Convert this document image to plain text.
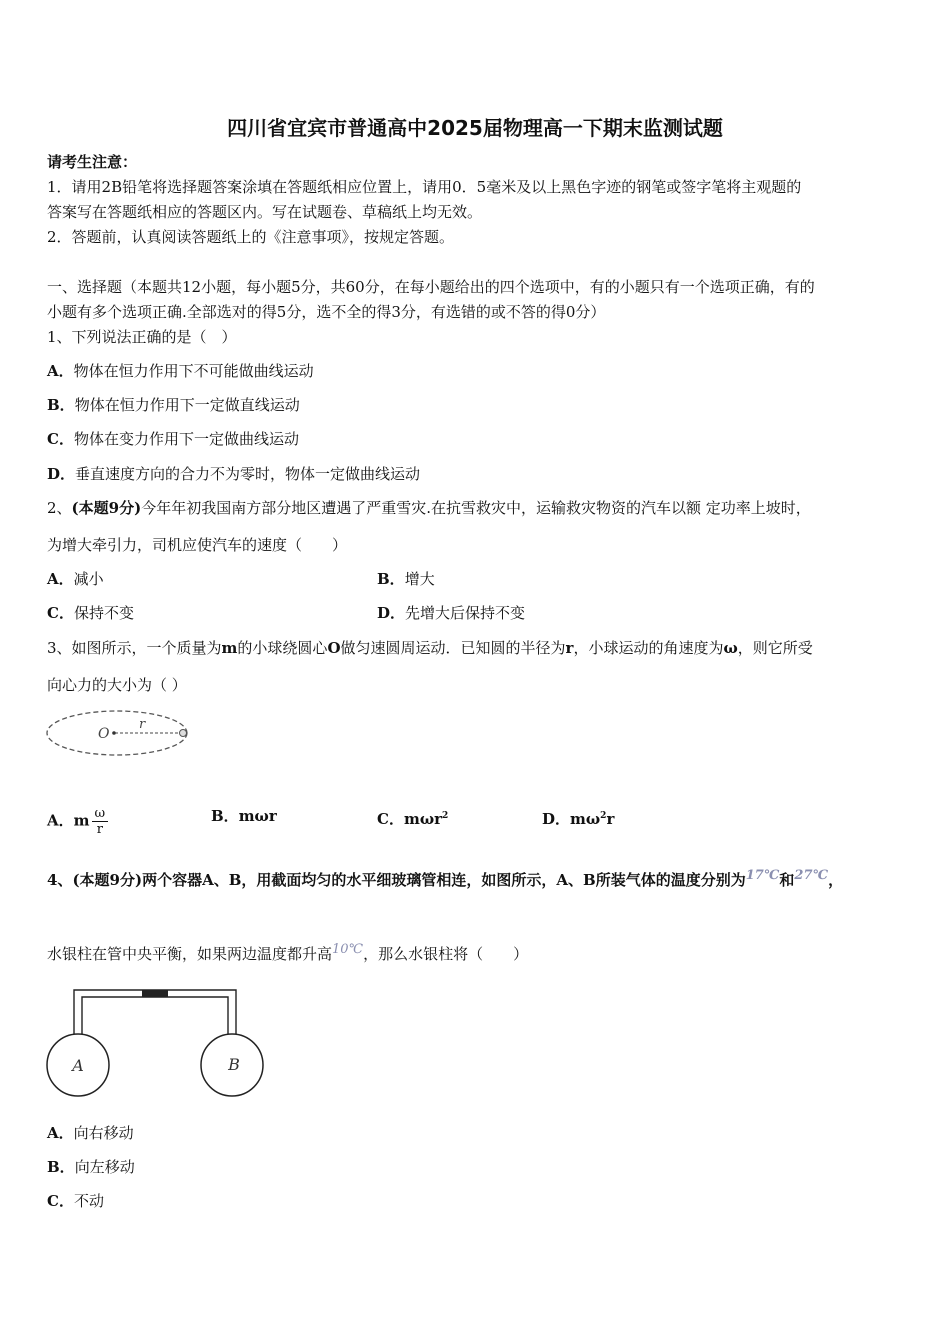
四川省宜宾市普通高中2025届物理高一下期末监测试题
请考生注意：
1．请用2B铅笔将选择题答案涂填在答题纸相应位置上，请用0．5毫米及以上黑色字迹的钢笔或签字笔将主观题的
答案写在答题纸相应的答题区内。写在试题卷、草稿纸上均无效。
2．答题前，认真阅读答题纸上的《注意事项》，按规定答题。
一、选择题（本题共12小题，每小题5分，共60分，在每小题给出的四个选项中，有的小题只有一个选项正确，有的
小题有多个选项正确.全部选对的得5分，选不全的得3分，有选错的或不答的得0分）
1、下列说法正确的是（　）
A．物体在恒力作用下不可能做曲线运动
B．物体在恒力作用下一定做直线运动
C．物体在变力作用下一定做曲线运动
D．垂直速度方向的合力不为零时，物体一定做曲线运动
2、(本题9分)今年年初我国南方部分地区遭遇了严重雪灾.在抗雪救灾中，运输救灾物资的汽车以额 定功率上坡时，
为增大牵引力，司机应使汽车的速度（　　）
A．减小	B．增大
C．保持不变	D．先增大后保持不变
3、如图所示，一个质量为m的小球绕圆心O做匀速圆周运动．已知圆的半径为r，小球运动的角速度为ω，则它所受
向心力的大小为（ ）
O
r
A．m $\frac{\omega}{r}$	B．mωr	C．mωr$^2$	D．$m\omega^2r$
4、(本题9分)两个容器A、B，用截面均匀的水平细玻璃管相连，如图所示，A、B所装气体的温度分别为17℃和27℃，
水银柱在管中央平衡，如果两边温度都升高10℃，那么水银柱将（　　）
A	B
A．向右移动
B．向左移动
C．不动
